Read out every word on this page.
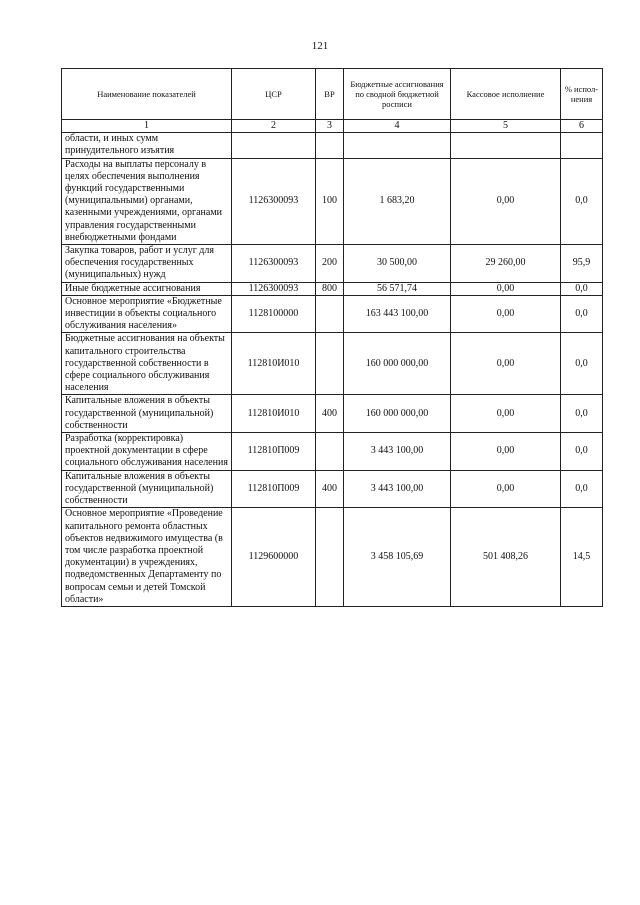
121
Наименование показателей	ЦСР	ВР	Бюджетные ассигнования по сводной бюджетной росписи	Кассовое исполнение	% испол-нения
1	2	3	4	5	6
области, и иных сумм принудительного изъятия					
Расходы на выплаты персоналу в целях обеспечения выполнения функций государственными (муниципальными) органами, казенными учреждениями, органами управления государственными внебюджетными фондами	1126300093	100	1 683,20	0,00	0,0
Закупка товаров, работ и услуг для обеспечения государственных (муниципальных) нужд	1126300093	200	30 500,00	29 260,00	95,9
Иные бюджетные ассигнования	1126300093	800	56 571,74	0,00	0,0
Основное мероприятие «Бюджетные инвестиции в объекты социального обслуживания населения»	1128100000		163 443 100,00	0,00	0,0
Бюджетные ассигнования на объекты капитального строительства государственной собственности в сфере социального обслуживания населения	112810И010		160 000 000,00	0,00	0,0
Капитальные вложения в объекты государственной (муниципальной) собственности	112810И010	400	160 000 000,00	0,00	0,0
Разработка (корректировка) проектной документации в сфере социального обслуживания населения	112810П009		3 443 100,00	0,00	0,0
Капитальные вложения в объекты государственной (муниципальной) собственности	112810П009	400	3 443 100,00	0,00	0,0
Основное мероприятие «Проведение капитального ремонта областных объектов недвижимого имущества (в том числе разработка проектной документации) в учреждениях, подведомственных Департаменту по вопросам семьи и детей Томской области»	1129600000		3 458 105,69	501 408,26	14,5
